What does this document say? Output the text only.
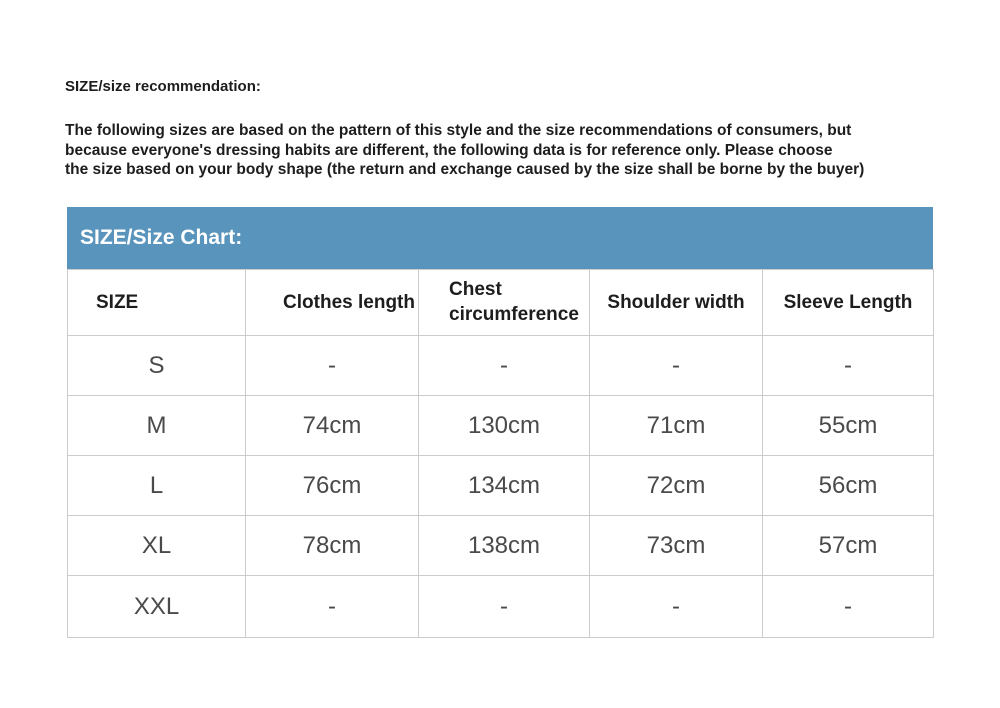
SIZE/size recommendation:
The following sizes are based on the pattern of this style and the size recommendations of consumers, but
because everyone's dressing habits are different, the following data is for reference only. Please choose
the size based on your body shape (the return and exchange caused by the size shall be borne by the buyer)
SIZE/Size Chart:
SIZE	Clothes length	Chest circumference	Shoulder width	Sleeve Length
S	-	-	-	-
M	74cm	130cm	71cm	55cm
L	76cm	134cm	72cm	56cm
XL	78cm	138cm	73cm	57cm
XXL	-	-	-	-
